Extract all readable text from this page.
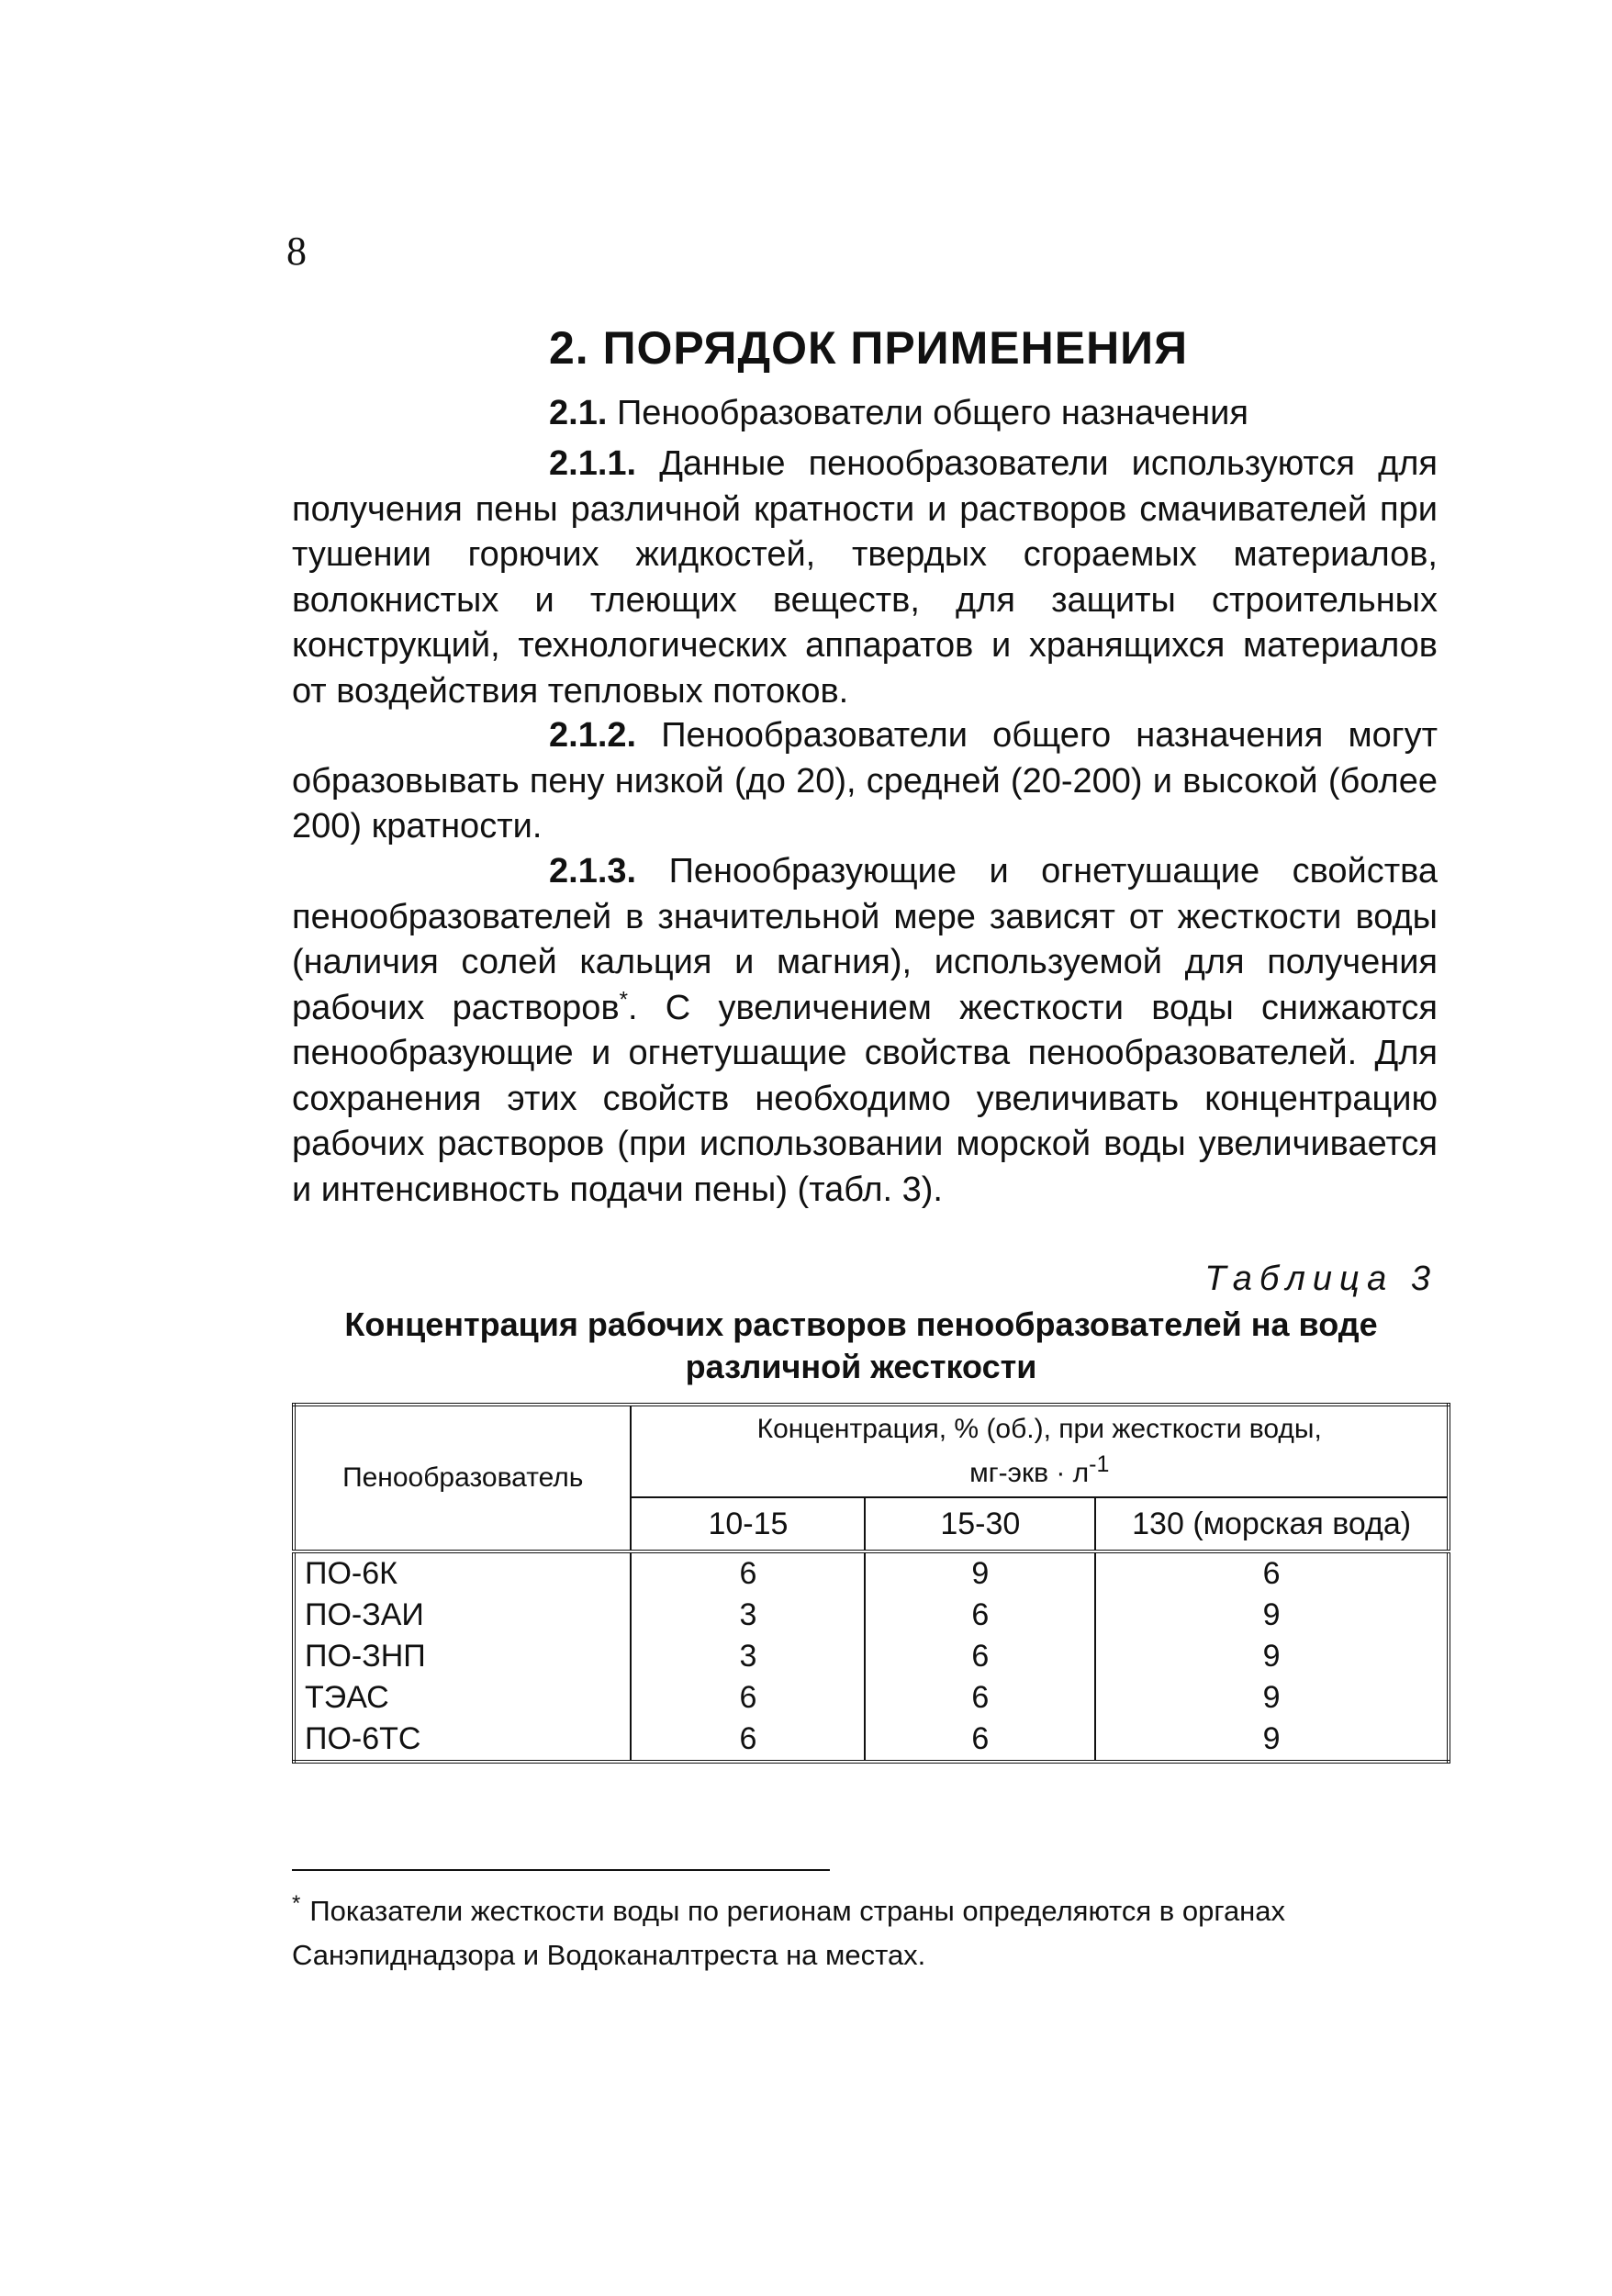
8
2. ПОРЯДОК ПРИМЕНЕНИЯ
2.1. Пенообразователи общего назначения
2.1.1. Данные пенообразователи используются для получения пены различной кратности и растворов смачивателей при тушении горючих жидкостей, твердых сгораемых материалов, волокнистых и тлеющих веществ, для защиты строительных конструкций, технологических аппаратов и хранящихся материалов от воздействия тепловых потоков.
2.1.2. Пенообразователи общего назначения могут образовывать пену низкой (до 20), средней (20-200) и высокой (более 200) кратности.
2.1.3. Пенообразующие и огнетушащие свойства пенообразователей в значительной мере зависят от жесткости воды (наличия солей кальция и магния), используемой для получения рабочих растворов*. С увеличением жесткости воды снижаются пенообразующие и огнетушащие свойства пенообразователей. Для сохранения этих свойств необходимо увеличивать концентрацию рабочих растворов (при использовании морской воды увеличивается и интенсивность подачи пены) (табл. 3).
Таблица 3
Концентрация рабочих растворов пенообразователей на воде различной жесткости
Пенообразователь	Концентрация, % (об.), при жесткости воды,
$мг-экв \cdot л^{-1}$
	10-15	15-30	130 (морская вода)
ПО-6К	6	9	6
ПО-ЗАИ	3	6	9
ПО-ЗНП	3	6	9
ТЭАС	6	6	9
ПО-6ТС	6	6	9
* Показатели жесткости воды по регионам страны определяются в органах Санэпиднадзора и Водоканалтреста на местах.
